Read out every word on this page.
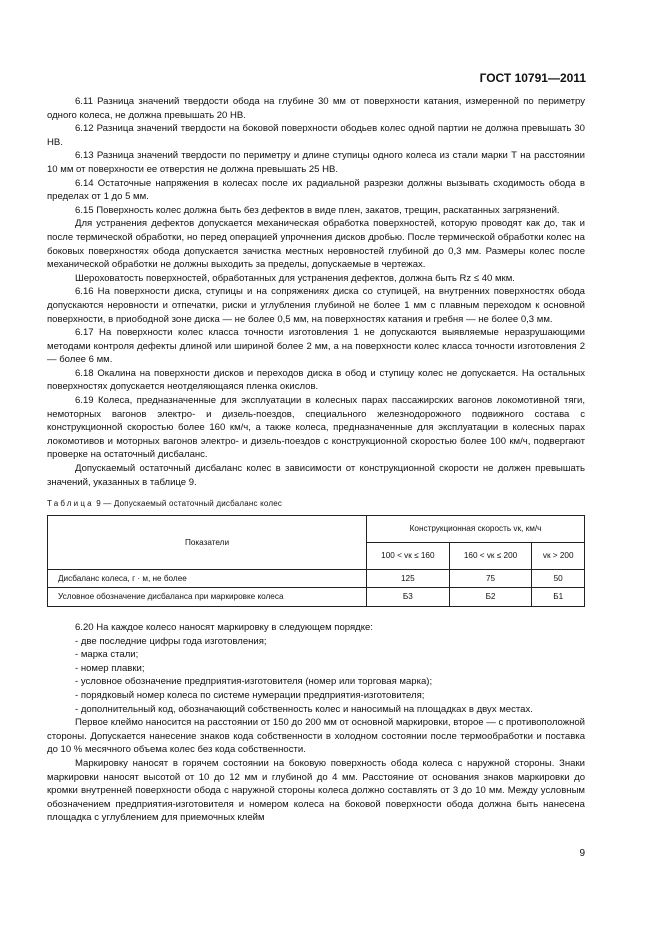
ГОСТ 10791—2011

6.11 Разница значений твердости обода на глубине 30 мм от поверхности катания, измеренной по периметру одного колеса, не должна превышать 20 НВ.

6.12 Разница значений твердости на боковой поверхности ободьев колес одной партии не должна превышать 30 НВ.

6.13 Разница значений твердости по периметру и длине ступицы одного колеса из стали марки Т на расстоянии 10 мм от поверхности ее отверстия не должна превышать 25 НВ.

6.14 Остаточные напряжения в колесах после их радиальной разрезки должны вызывать сходимость обода в пределах от 1 до 5 мм.

6.15 Поверхность колес должна быть без дефектов в виде плен, закатов, трещин, раскатанных загрязнений.

Для устранения дефектов допускается механическая обработка поверхностей, которую проводят как до, так и после термической обработки, но перед операцией упрочнения дисков дробью. После термической обработки колес на боковых поверхностях обода допускается зачистка местных неровностей глубиной до 0,3 мм. Размеры колес после механической обработки не должны выходить за пределы, допускаемые в чертежах.

Шероховатость поверхностей, обработанных для устранения дефектов, должна быть Rz ≤ 40 мкм.

6.16 На поверхности диска, ступицы и на сопряжениях диска со ступицей, на внутренних поверхностях обода допускаются неровности и отпечатки, риски и углубления глубиной не более 1 мм с плавным переходом к основной поверхности, в приободной зоне диска — не более 0,5 мм, на поверхностях катания и гребня — не более 0,3 мм.

6.17 На поверхности колес класса точности изготовления 1 не допускаются выявляемые неразрушающими методами контроля дефекты длиной или шириной более 2 мм, а на поверхности колес класса точности изготовления 2 — более 6 мм.

6.18 Окалина на поверхности дисков и переходов диска в обод и ступицу колес не допускается. На остальных поверхностях допускается неотделяющаяся пленка окислов.

6.19 Колеса, предназначенные для эксплуатации в колесных парах пассажирских вагонов локомотивной тяги, немоторных вагонов электро- и дизель-поездов, специального железнодорожного подвижного состава с конструкционной скоростью более 160 км/ч, а также колеса, предназначенные для эксплуатации в колесных парах локомотивов и моторных вагонов электро- и дизель-поездов с конструкционной скоростью более 100 км/ч, подвергают проверке на остаточный дисбаланс.

Допускаемый остаточный дисбаланс колес в зависимости от конструкционной скорости не должен превышать значений, указанных в таблице 9.

Таблица 9 — Допускаемый остаточный дисбаланс колес
Показатели	Конструкционная скорость vк, км/ч		
	100 < vк ≤ 160	160 < vк ≤ 200	vк > 200
Дисбаланс колеса, г · м, не более	125	75	50
Условное обозначение дисбаланса при маркировке колеса	Б3	Б2	Б1

6.20 На каждое колесо наносят маркировку в следующем порядке:

- две последние цифры года изготовления;
- марка стали;
- номер плавки;
- условное обозначение предприятия-изготовителя (номер или торговая марка);
- порядковый номер колеса по системе нумерации предприятия-изготовителя;
- дополнительный код, обозначающий собственность колес и наносимый на площадках в двух местах.

Первое клеймо наносится на расстоянии от 150 до 200 мм от основной маркировки, второе — с противоположной стороны. Допускается нанесение знаков кода собственности в холодном состоянии после термообработки и поставка до 10 % месячного объема колес без кода собственности.

Маркировку наносят в горячем состоянии на боковую поверхность обода колеса с наружной стороны. Знаки маркировки наносят высотой от 10 до 12 мм и глубиной до 4 мм. Расстояние от основания знаков маркировки до кромки внутренней поверхности обода с наружной стороны колеса должно составлять от 3 до 10 мм. Между условным обозначением предприятия-изготовителя и номером колеса на боковой поверхности обода должна быть нанесена площадка с углублением для приемочных клейм

9
